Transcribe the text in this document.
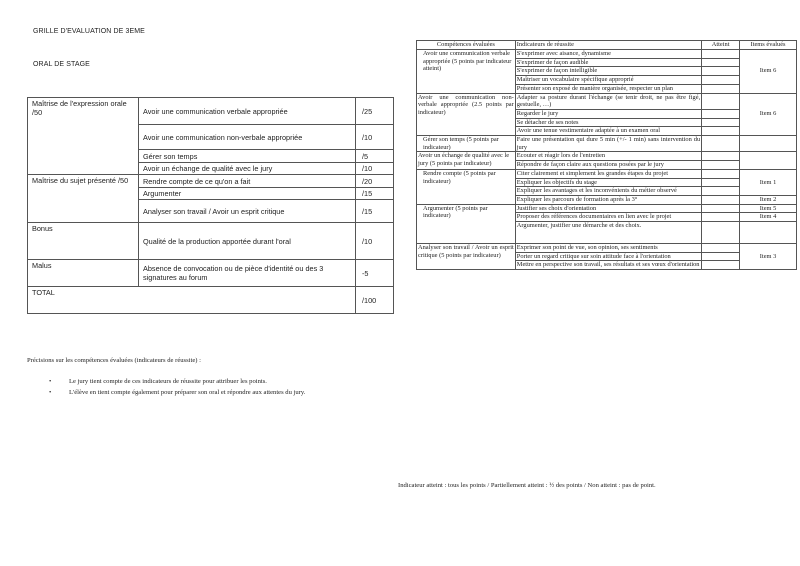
GRILLE D'EVALUATION DE 3EME
ORAL DE STAGE
Maîtrise de l'expression orale /50	Avoir une communication verbale appropriée	/25
	Avoir une communication non-verbale appropriée	/10
	Gérer son temps	/5
	Avoir un échange de qualité avec le jury	/10
Maîtrise du sujet présenté /50	Rendre compte de ce qu'on a fait	/20
	Argumenter	/15
	Analyser son travail / Avoir un esprit critique	/15
Bonus	Qualité de la production apportée durant l'oral	/10
Malus	Absence de convocation ou de pièce d'identité ou des 3 signatures au forum	-5
TOTAL		/100
Précisions sur les compétences évaluées (indicateurs de réussite) :
•	Le jury tient compte de ces indicateurs de réussite pour attribuer les points.
•	L'élève en tient compte également pour préparer son oral et répondre aux attentes du jury.
Compétences évaluées	Indicateurs de réussite	Atteint	Items évalués
Avoir une communication verbale appropriée (5 points par indicateur atteint)	S'exprimer avec aisance, dynamisme		Item 6
	S'exprimer de façon audible		
	S'exprimer de façon intelligible		
	Maîtriser un vocabulaire spécifique approprié		
	Présenter son exposé de manière organisée, respecter un plan		
Avoir une communication non- verbale appropriée (2.5 points par indicateur)	Adapter sa posture durant l'échange (se tenir droit, ne pas être figé, gestuelle, …)		Item 6
	Regarder le jury		
	Se détacher de ses notes		
	Avoir une tenue vestimentaire adaptée à un examen oral		
Gérer son temps (5 points par indicateur)	Faire une présentation qui dure 5 min (+/- 1 min) sans intervention du jury		
Avoir un échange de qualité avec le jury (5 points par indicateur)	Ecouter et réagir lors de l'entretien		
	Répondre de façon claire aux questions posées par le jury		
Rendre compte (5 points par indicateur)	Citer clairement et simplement les grandes étapes du projet		Item 1
	Expliquer les objectifs du stage		
	Expliquer les avantages et les inconvénients du métier observé		
	Expliquer les parcours de formation après la 3°		Item 2
Argumenter (5 points par indicateur)	Justifier ses choix d'orientation		Item 5
	Proposer des références documentaires en lien avec le projet		Item 4
	Argumenter, justifier une démarche et des choix.		
Analyser son travail / Avoir un esprit critique (5 points par indicateur)	Exprimer son point de vue, son opinion, ses sentiments		Item 3
	Porter un regard critique sur soin attitude face à l'orientation		
	Mettre en perspective son travail, ses résultats et ses vœux d'orientation		
Indicateur atteint : tous les points / Partiellement atteint : ½ des points / Non atteint : pas de point.
